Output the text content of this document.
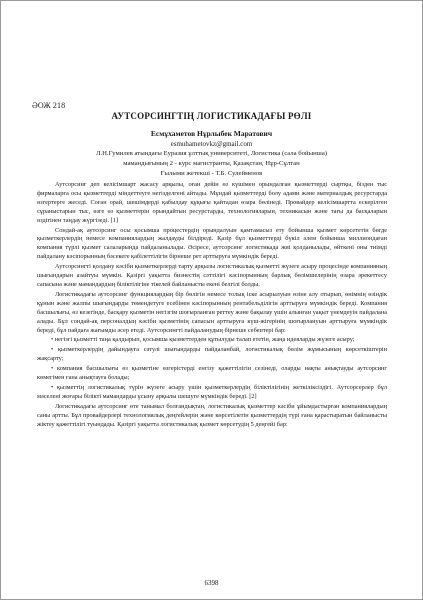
ӘОЖ 218
АУТСОРСИНГТІҢ ЛОГИСТИКАДАҒЫ РӨЛІ
Есмұхаметов Нұрлыбек Маратович
esmuhametovkz@gmail.com
Л.Н.Гумилев атындағы Еуразия ұлттық университеті, Логистика (сала бойынша)
мамандығының 2 - курс магистранты, Қазақстан, Нұр-Сұлтан
Ғылыми жетекші - Т.Б. Сулейменов

Аутсорсинг деп келісімшарт жасасу арқылы, оған дейін өз күшімен орындалған қызметтерді сыртқы, бізден тыс фирмаларға осы қызметтерді міндеттеуге негізделгені айтады. Мұндай қызметтерді болу адами және материалдық ресурстарда өзгертерге жеседі. Соған орай, шешімдерді қабылдау құқығы қайтадан өзара бөлінеді. Провайдер келісімшартта ескерілген сұраныстарын тыс, өзге өз қызметтерін орындайтын ресурстарды, технологияларын, техникасын және тағы да басқаларын өздігінен таңдау жүргізеді. [1]

Сондай-ақ аутсорсинг осы қосымша процестердің орындалуын қамтамасыз ету бойынша қызмет көрсететін бөгде қызметкерлердің немесе компаниялардың жалдауды білдіреді. Қазір бұл қызметтерді бүкіл әлем бойынша миллиондаған компания түрлі қызмет салаларында пайдаланылады. Әсіресе, аутсорсинг логистикада жиі қолданылады, өйткені оны тиімді пайдалану кәсіпорынның бәсекеге қабілеттілігін бірнеше рет арттыруға мүмкіндік береді.

Аутсорсингті қолдану кәсіби қызметкерлерді тарту арқылы логистикалық қызметті жүзеге асыру процесінде компанияның шығындарын азайтуы мүмкін. Қазіргі уақытта бизнестің сәттілігі кәсіпорынның барлық бөлімшелерінің өзара әрекеттесу сапасына және мамандардың біліктілігіне тікелей байланысты екені белгілі болды.

Логистикадағы аутсорсинг функциялардың бір бөлігін немесе толық іске асырылуын өзіне алу отырып, өнімнің өзіндік құнын және жалпы шығындарды төмендетуге есебінен кәсіпорынның рентабельділігін арттыруға мүмкіндік береді. Компания басшылығы, өз кезегінде, басқару қызметін негізгім шоғырланған реттеу және бақылау үшін алынған уақыт үнемдеуін пайдалана алады. Бұл сондай-ақ персоналдың кәсіби қызметінің сапасын арттыруға күш-жігерінің шоғырлануын арттыруға мүмкіндік береді, бұл пайдаға жағымды әсер етеді. Аутсорсингті пайдаланудың бірнеше себептері бар:

• негізгі қызметті таңа қалдырып, қосымша қызметтерден құтылуды талап ететін, жаңа идеяларды жүзеге асыру;

• қызметкерлердің дайындауға сәтулі шығындарды пайдаланбай, логистикалық бөлім жұмысының көрсеткіштерін жақсарту;

• компания басшылығы өз қызметіне өзгерістерді енгізу қажеттілігін сезінеді, оларды нақты анықтауды аутсорсинг көмегімен ғана анықтауға болады;

• қызметтің логистикалық түрін жүзеге асыру үшін қызметкерлердің біліктілігінің жеткіліксіздігі. Аутсорсерлер бұл мәселені жоғары білікті мамандарды ұсыну арқылы шешуге мүмкіндік береді. [2]

Логистикадағы аутсорсинг өте танымал болғандықтан, логистикалық қызметтер кәсіби ұйымдастырған компаниялардың саны артты. Бұл провайдерлері технологиялық деңгейлерін және көрсетілетін қызметтердің түрі ғана қарастыратын байланысты жіктеу қажеттілігі туындады. Қазіргі уақытта логистикалық қызмет көрсетудің 5 деңгейі бар:

6398
